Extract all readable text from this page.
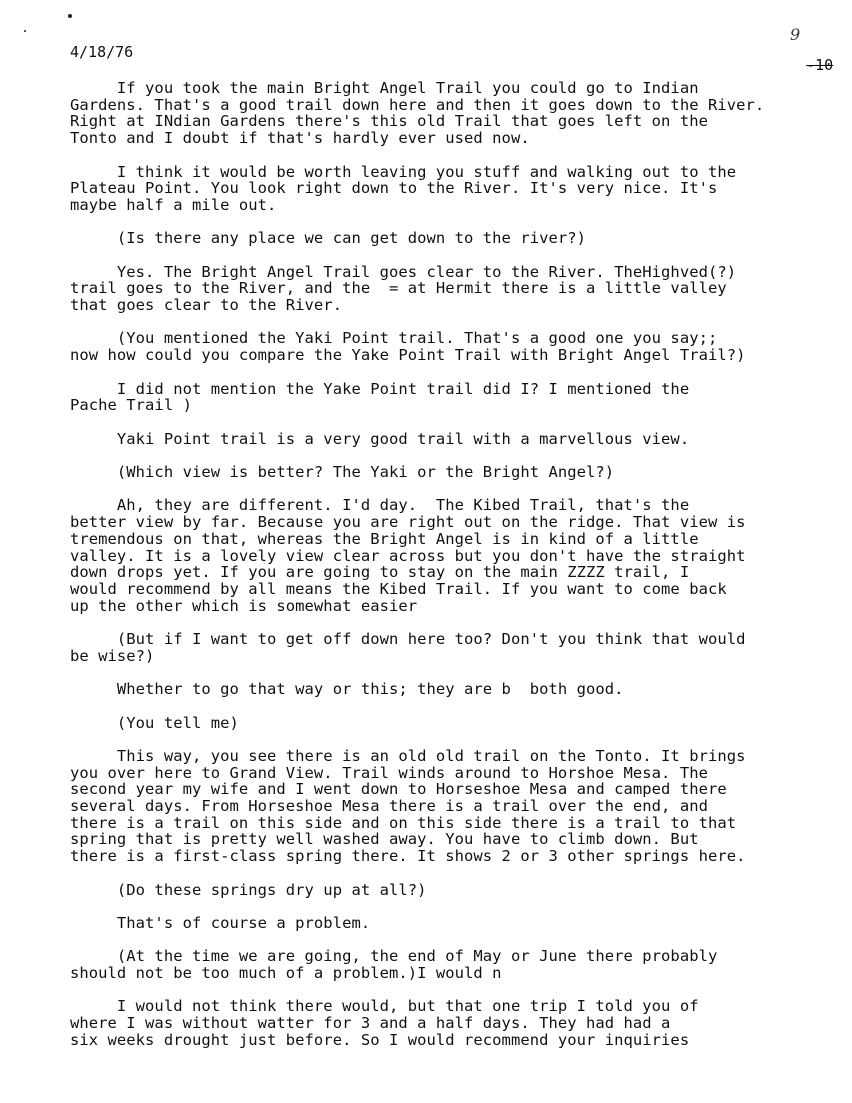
4/18/76

-10

9

If you took the main Bright Angel Trail you could go to Indian
Gardens. That's a good trail down here and then it goes down to the River.
Right at INdian Gardens there's this old Trail that goes left on the
Tonto and I doubt if that's hardly ever used now.

I think it would be worth leaving you stuff and walking out to the
Plateau Point. You look right down to the River. It's very nice. It's
maybe half a mile out.

(Is there any place we can get down to the river?)

Yes. The Bright Angel Trail goes clear to the River. TheHighved(?)
trail goes to the River, and the  = at Hermit there is a little valley
that goes clear to the River.

(You mentioned the Yaki Point trail. That's a good one you say;;
now how could you compare the Yake Point Trail with Bright Angel Trail?)

I did not mention the Yake Point trail did I? I mentioned the
Pache Trail )

Yaki Point trail is a very good trail with a marvellous view.

(Which view is better? The Yaki or the Bright Angel?)

Ah, they are different. I'd day.  The Kibed Trail, that's the
better view by far. Because you are right out on the ridge. That view is
tremendous on that, whereas the Bright Angel is in kind of a little
valley. It is a lovely view clear across but you don't have the straight
down drops yet. If you are going to stay on the main ZZZZ trail, I
would recommend by all means the Kibed Trail. If you want to come back
up the other which is somewhat easier

(But if I want to get off down here too? Don't you think that would
be wise?)

Whether to go that way or this; they are b  both good.

(You tell me)

This way, you see there is an old old trail on the Tonto. It brings
you over here to Grand View. Trail winds around to Horshoe Mesa. The
second year my wife and I went down to Horseshoe Mesa and camped there
several days. From Horseshoe Mesa there is a trail over the end, and
there is a trail on this side and on this side there is a trail to that
spring that is pretty well washed away. You have to climb down. But
there is a first-class spring there. It shows 2 or 3 other springs here.

(Do these springs dry up at all?)

That's of course a problem.

(At the time we are going, the end of May or June there probably
should not be too much of a problem.)I would n

I would not think there would, but that one trip I told you of
where I was without watter for 3 and a half days. They had had a
six weeks drought just before. So I would recommend your inquiries
